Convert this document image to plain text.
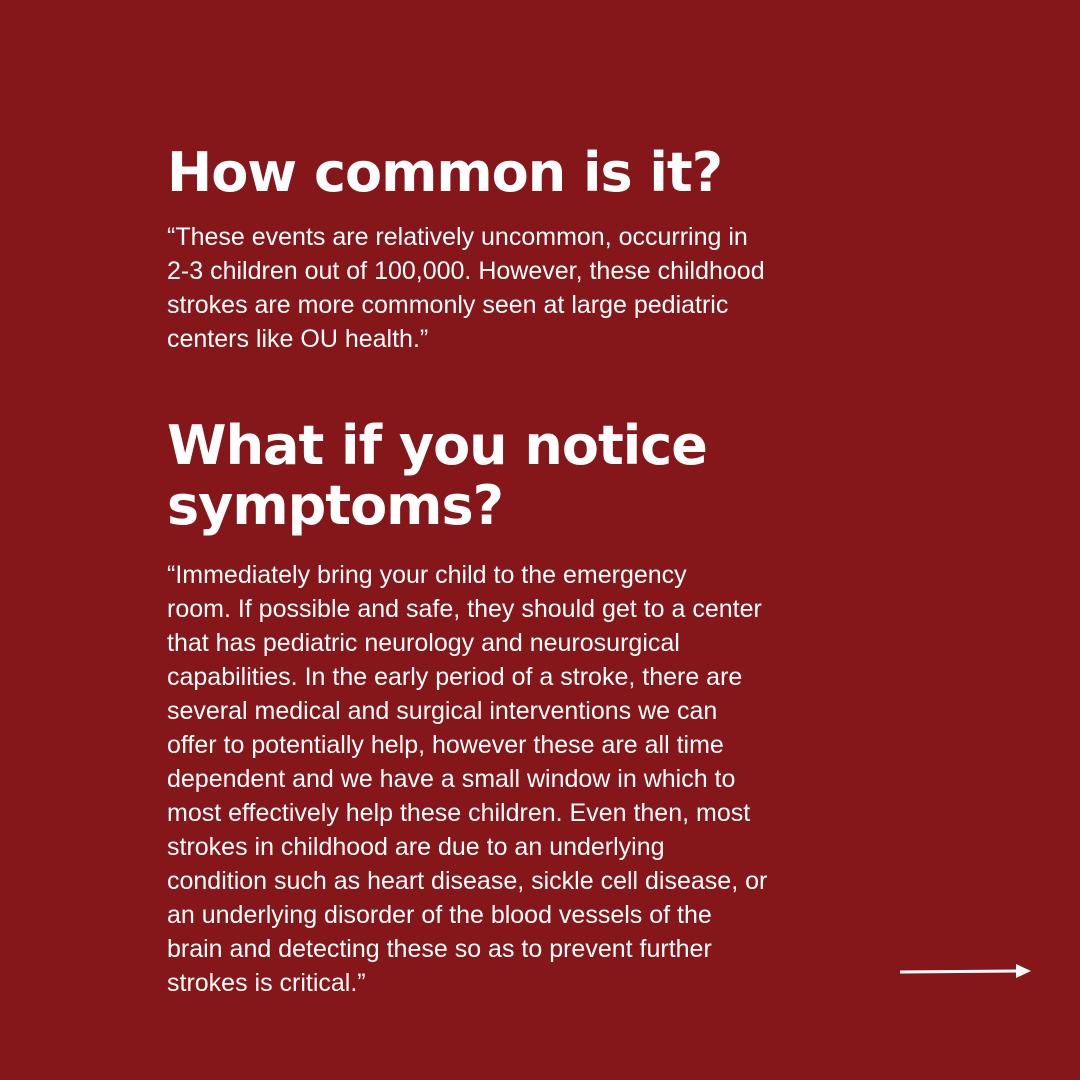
How common is it?

“These events are relatively uncommon, occurring in
2-3 children out of 100,000. However, these childhood
strokes are more commonly seen at large pediatric
centers like OU health.”

What if you notice symptoms?

“Immediately bring your child to the emergency
room. If possible and safe, they should get to a center
that has pediatric neurology and neurosurgical
capabilities. In the early period of a stroke, there are
several medical and surgical interventions we can
offer to potentially help, however these are all time
dependent and we have a small window in which to
most effectively help these children. Even then, most
strokes in childhood are due to an underlying
condition such as heart disease, sickle cell disease, or
an underlying disorder of the blood vessels of the
brain and detecting these so as to prevent further
strokes is critical.”
